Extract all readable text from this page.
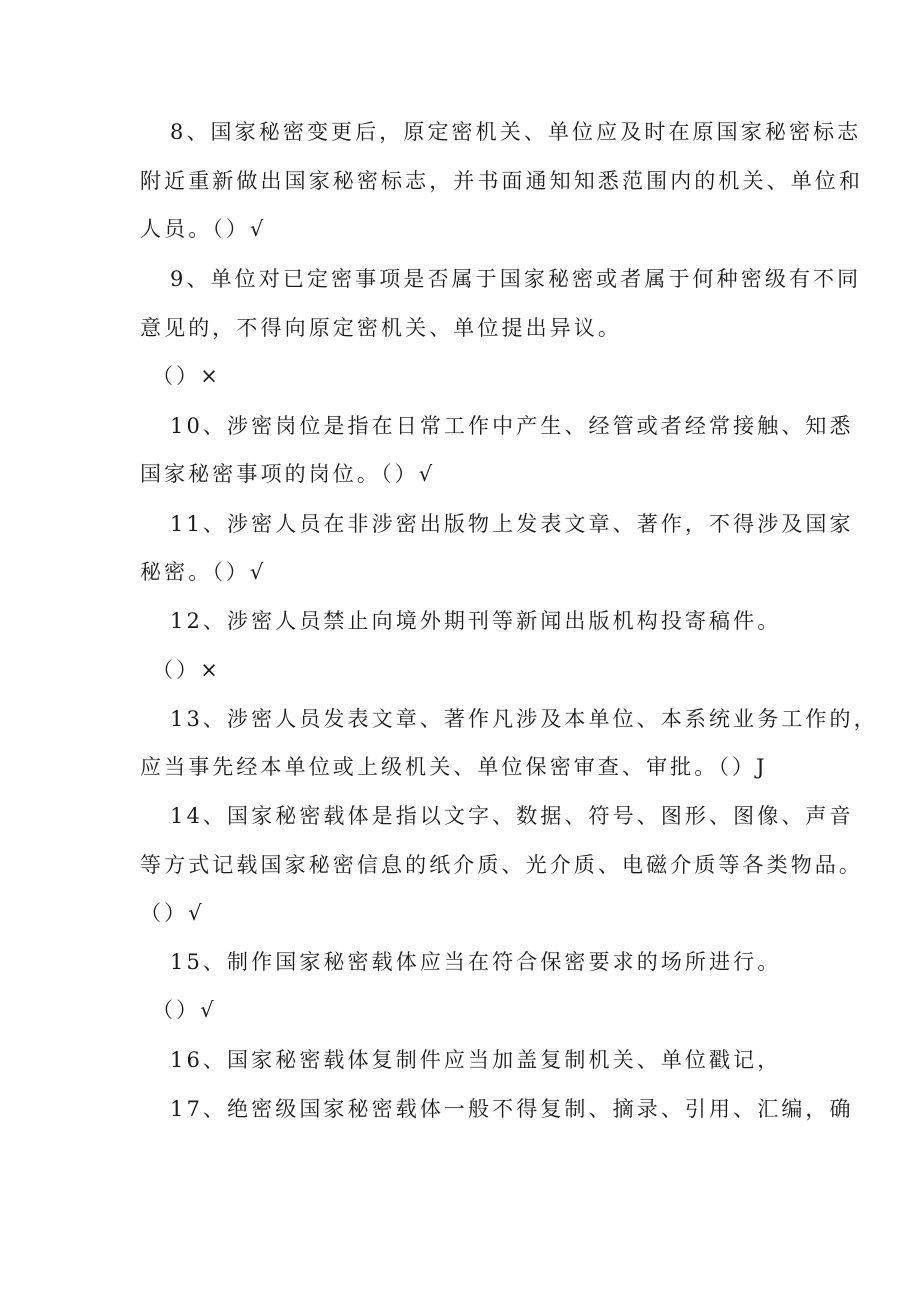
8、国家秘密变更后，原定密机关、单位应及时在原国家秘密标志
附近重新做出国家秘密标志，并书面通知知悉范围内的机关、单位和
人员。（）√
9、单位对已定密事项是否属于国家秘密或者属于何种密级有不同
意见的，不得向原定密机关、单位提出异议。
（）×
10、涉密岗位是指在日常工作中产生、经管或者经常接触、知悉
国家秘密事项的岗位。（）√
11、涉密人员在非涉密出版物上发表文章、著作，不得涉及国家
秘密。（）√
12、涉密人员禁止向境外期刊等新闻出版机构投寄稿件。
（）×
13、涉密人员发表文章、著作凡涉及本单位、本系统业务工作的，
应当事先经本单位或上级机关、单位保密审查、审批。（）J
14、国家秘密载体是指以文字、数据、符号、图形、图像、声音
等方式记载国家秘密信息的纸介质、光介质、电磁介质等各类物品。
（）√
15、制作国家秘密载体应当在符合保密要求的场所进行。
（）√
16、国家秘密载体复制件应当加盖复制机关、单位戳记，
17、绝密级国家秘密载体一般不得复制、摘录、引用、汇编，确
